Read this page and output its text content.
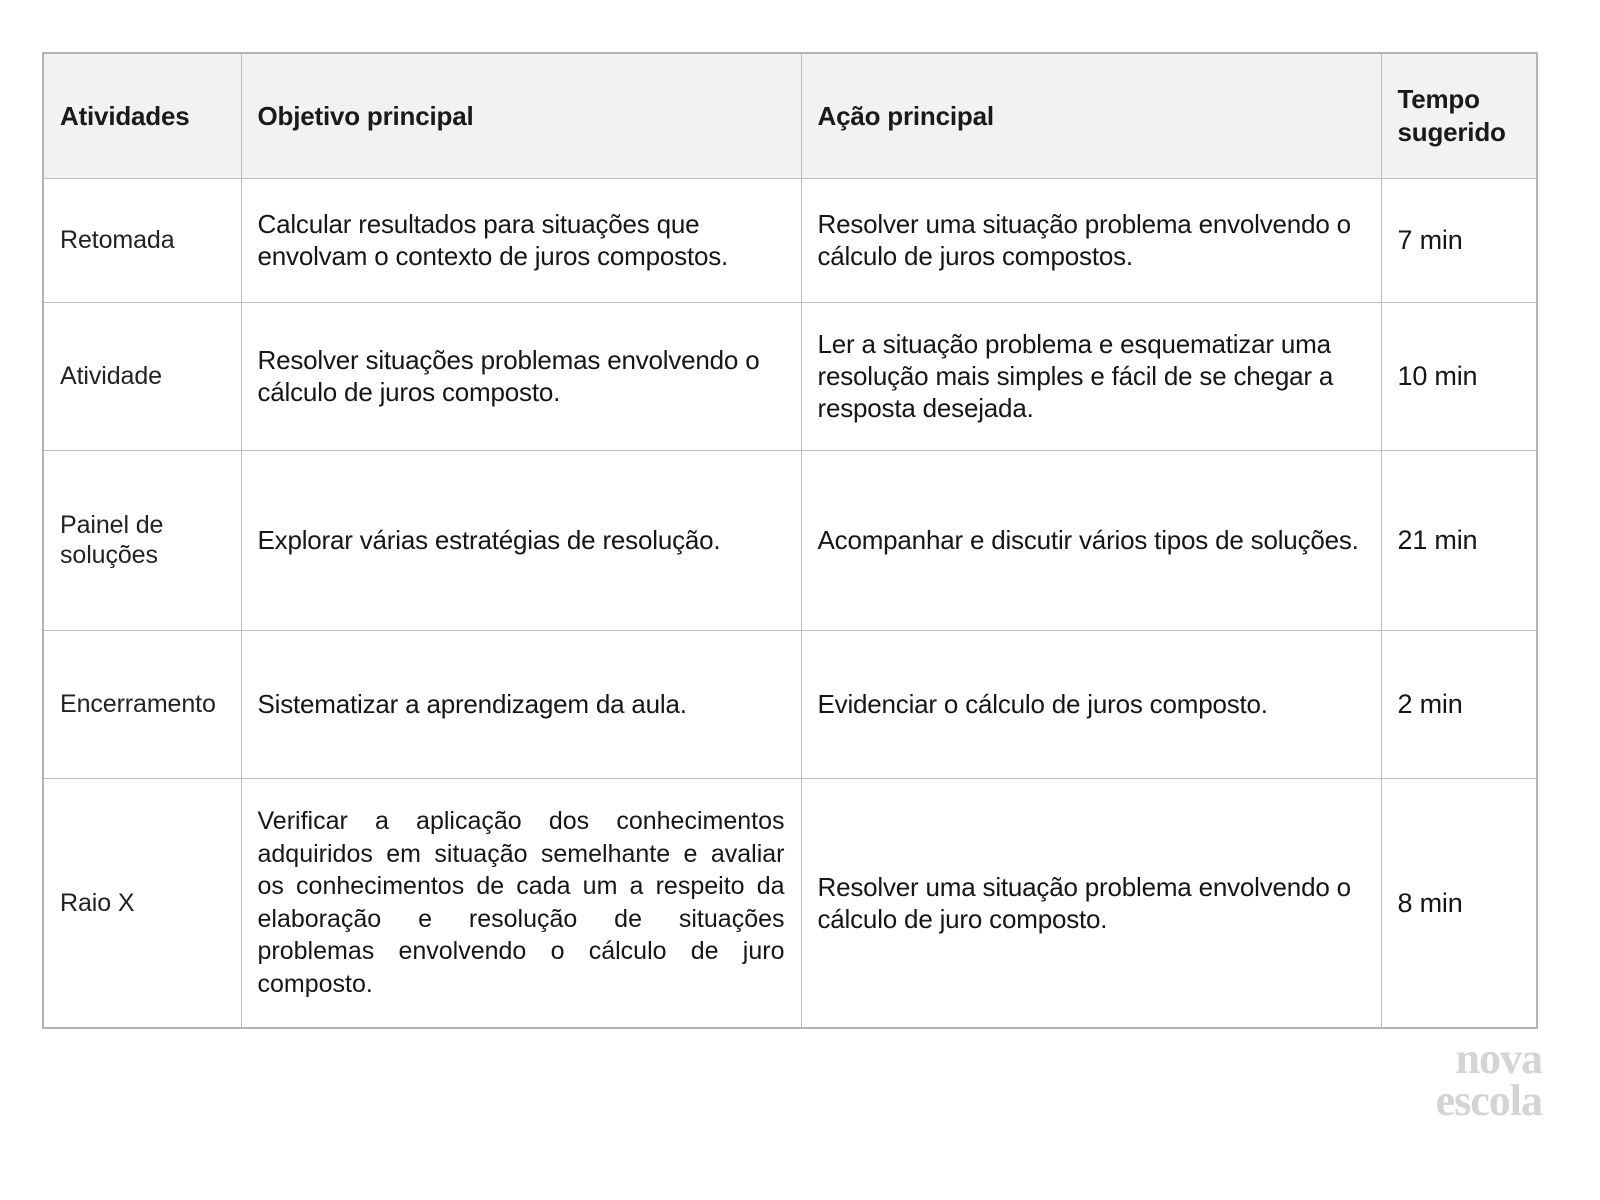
Atividades	Objetivo principal	Ação principal	Tempo sugerido
Retomada	Calcular resultados para situações que envolvam o contexto de juros compostos.	Resolver uma situação problema envolvendo o cálculo de juros compostos.	7 min
Atividade	Resolver situações problemas envolvendo o cálculo de juros composto.	Ler a situação problema e esquematizar uma resolução mais simples e fácil de se chegar a resposta desejada.	10 min
Painel de soluções	Explorar várias estratégias de resolução.	Acompanhar e discutir vários tipos de soluções.	21 min
Encerramento	Sistematizar a aprendizagem da aula.	Evidenciar o cálculo de juros composto.	2 min
Raio X	Verificar a aplicação dos conhecimentos adquiridos em situação semelhante e avaliar os conhecimentos de cada um a respeito da elaboração e resolução de situações problemas envolvendo o cálculo de juro composto.	Resolver uma situação problema envolvendo o cálculo de juro composto.	8 min
nova
escola
